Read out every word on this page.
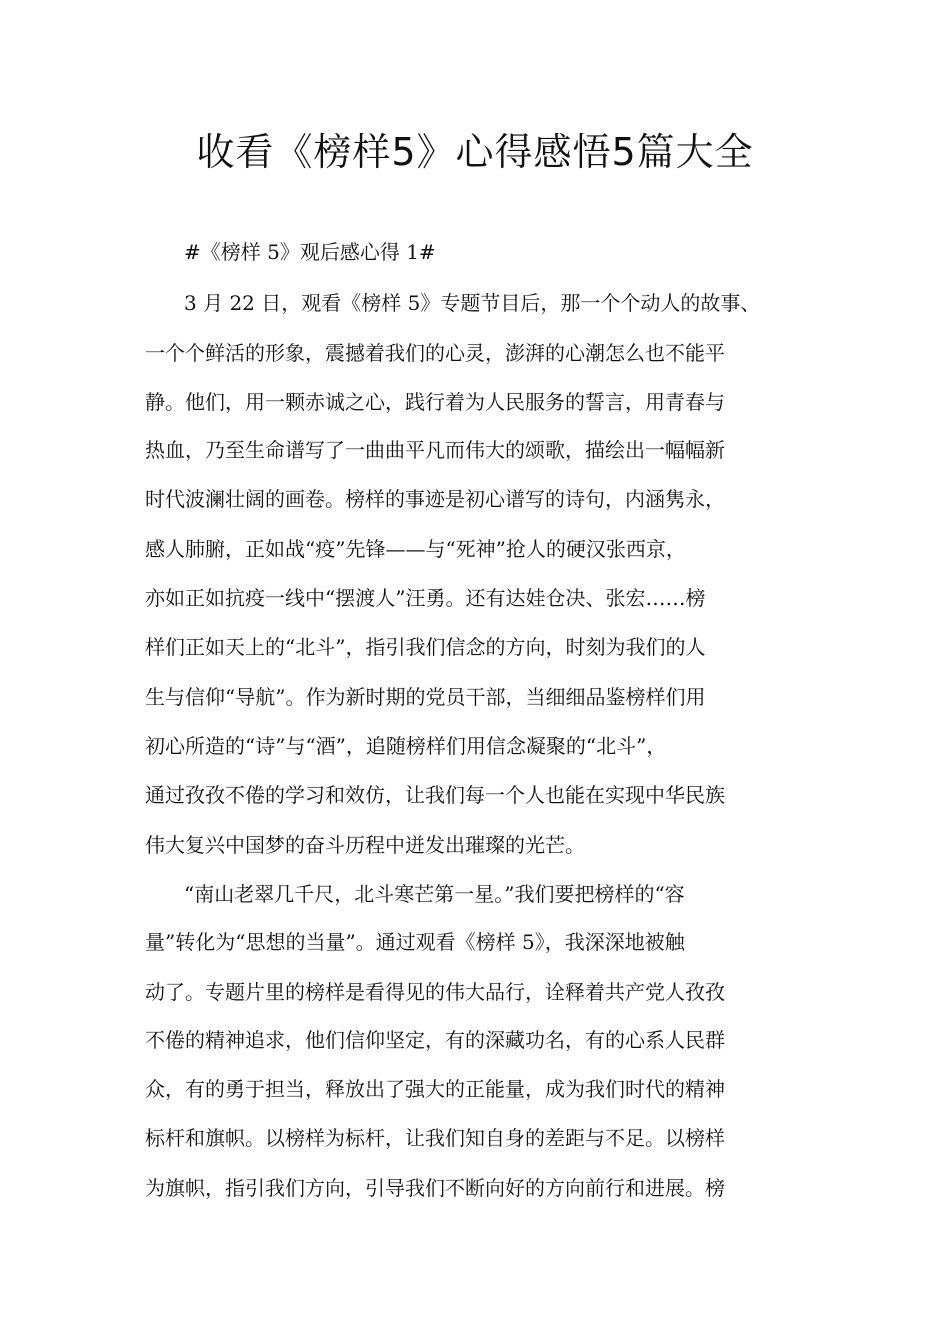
收看《榜样5》心得感悟5篇大全

#《榜样 5》观后感心得 1#

3 月 22 日，观看《榜样 5》专题节目后，那一个个动人的故事、

一个个鲜活的形象，震撼着我们的心灵，澎湃的心潮怎么也不能平

静。他们，用一颗赤诚之心，践行着为人民服务的誓言，用青春与

热血，乃至生命谱写了一曲曲平凡而伟大的颂歌，描绘出一幅幅新

时代波澜壮阔的画卷。榜样的事迹是初心谱写的诗句，内涵隽永，

感人肺腑，正如战“疫”先锋——与“死神”抢人的硬汉张西京，

亦如正如抗疫一线中“摆渡人”汪勇。还有达娃仓决、张宏……榜

样们正如天上的“北斗”，指引我们信念的方向，时刻为我们的人

生与信仰“导航”。作为新时期的党员干部，当细细品鉴榜样们用

初心所造的“诗”与“酒”，追随榜样们用信念凝聚的“北斗”，

通过孜孜不倦的学习和效仿，让我们每一个人也能在实现中华民族

伟大复兴中国梦的奋斗历程中迸发出璀璨的光芒。

“南山老翠几千尺，北斗寒芒第一星。”我们要把榜样的“容

量”转化为“思想的当量”。通过观看《榜样 5》，我深深地被触

动了。专题片里的榜样是看得见的伟大品行，诠释着共产党人孜孜

不倦的精神追求，他们信仰坚定，有的深藏功名，有的心系人民群

众，有的勇于担当，释放出了强大的正能量，成为我们时代的精神

标杆和旗帜。以榜样为标杆，让我们知自身的差距与不足。以榜样

为旗帜，指引我们方向，引导我们不断向好的方向前行和进展。榜
